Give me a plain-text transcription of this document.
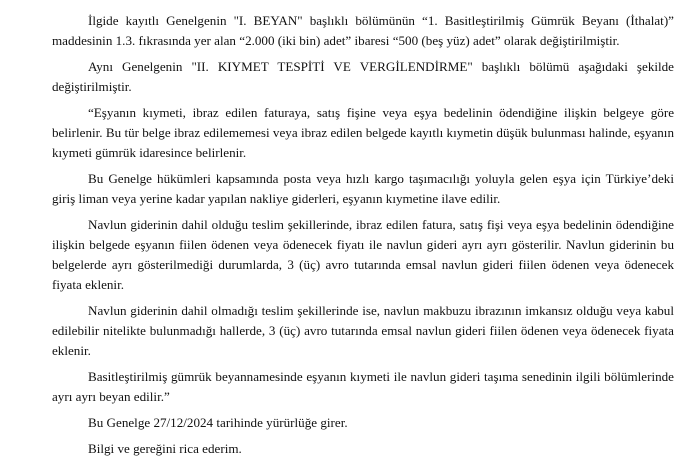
İlgide kayıtlı Genelgenin "I. BEYAN" başlıklı bölümünün “1. Basitleştirilmiş Gümrük Beyanı (İthalat)” maddesinin 1.3. fıkrasında yer alan “2.000 (iki bin) adet” ibaresi “500 (beş yüz) adet” olarak değiştirilmiştir.

Aynı Genelgenin "II. KIYMET TESPİTİ VE VERGİLENDİRME" başlıklı bölümü aşağıdaki şekilde değiştirilmiştir.

“Eşyanın kıymeti, ibraz edilen faturaya, satış fişine veya eşya bedelinin ödendiğine ilişkin belgeye göre belirlenir. Bu tür belge ibraz edilememesi veya ibraz edilen belgede kayıtlı kıymetin düşük bulunması halinde, eşyanın kıymeti gümrük idaresince belirlenir.

Bu Genelge hükümleri kapsamında posta veya hızlı kargo taşımacılığı yoluyla gelen eşya için Türkiye’deki giriş liman veya yerine kadar yapılan nakliye giderleri, eşyanın kıymetine ilave edilir.

Navlun giderinin dahil olduğu teslim şekillerinde, ibraz edilen fatura, satış fişi veya eşya bedelinin ödendiğine ilişkin belgede eşyanın fiilen ödenen veya ödenecek fiyatı ile navlun gideri ayrı ayrı gösterilir. Navlun giderinin bu belgelerde ayrı gösterilmediği durumlarda, 3 (üç) avro tutarında emsal navlun gideri fiilen ödenen veya ödenecek fiyata eklenir.

Navlun giderinin dahil olmadığı teslim şekillerinde ise, navlun makbuzu ibrazının imkansız olduğu veya kabul edilebilir nitelikte bulunmadığı hallerde, 3 (üç) avro tutarında emsal navlun gideri fiilen ödenen veya ödenecek fiyata eklenir.

Basitleştirilmiş gümrük beyannamesinde eşyanın kıymeti ile navlun gideri taşıma senedinin ilgili bölümlerinde ayrı ayrı beyan edilir.”

Bu Genelge 27/12/2024 tarihinde yürürlüğe girer.

Bilgi ve gereğini rica ederim.
